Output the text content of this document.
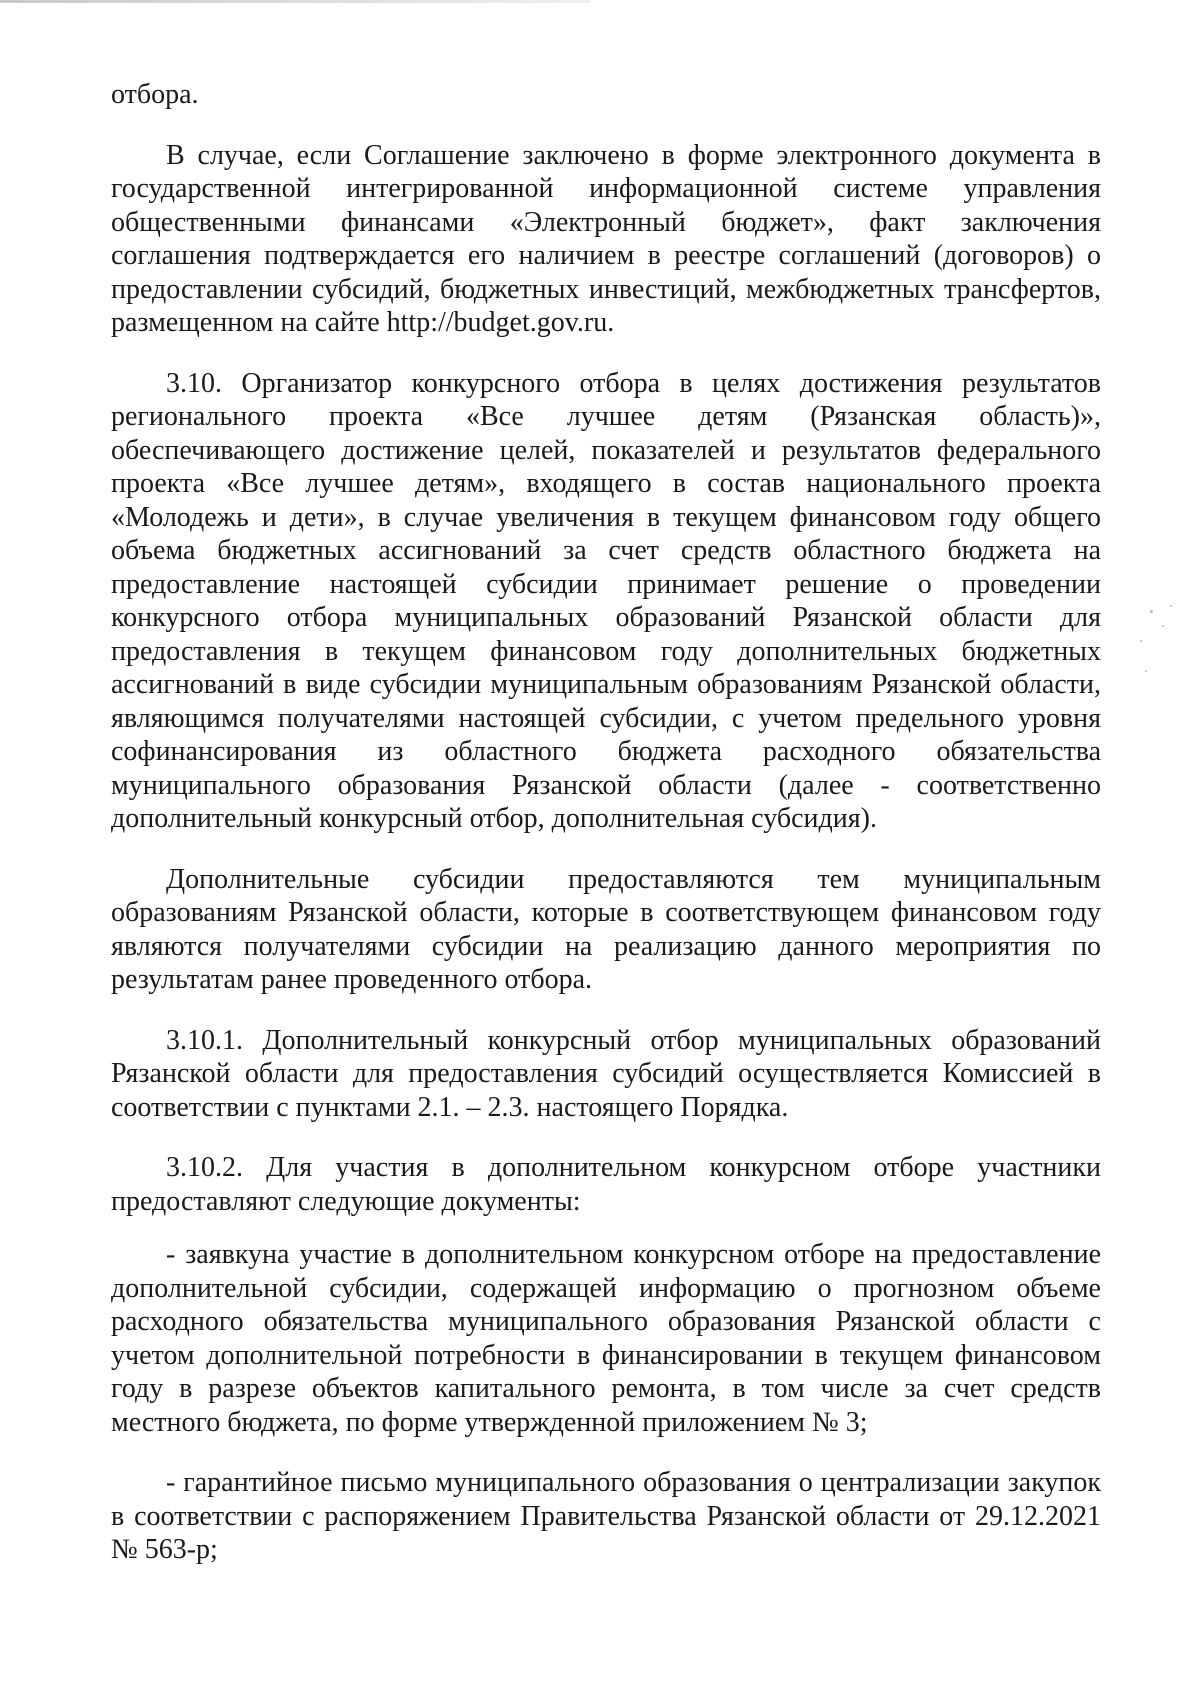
отбора.

В случае, если Соглашение заключено в форме электронного документа в государственной интегрированной информационной системе управления общественными финансами «Электронный бюджет», факт заключения соглашения подтверждается его наличием в реестре соглашений (договоров) о предоставлении субсидий, бюджетных инвестиций, межбюджетных трансфертов, размещенном на сайте http://budget.gov.ru.

3.10. Организатор конкурсного отбора в целях достижения результатов регионального проекта «Все лучшее детям (Рязанская область)», обеспечивающего достижение целей, показателей и результатов федерального проекта «Все лучшее детям», входящего в состав национального проекта «Молодежь и дети», в случае увеличения в текущем финансовом году общего объема бюджетных ассигнований за счет средств областного бюджета на предоставление настоящей субсидии принимает решение о проведении конкурсного отбора муниципальных образований Рязанской области для предоставления в текущем финансовом году дополнительных бюджетных ассигнований в виде субсидии муниципальным образованиям Рязанской области, являющимся получателями настоящей субсидии, с учетом предельного уровня софинансирования из областного бюджета расходного обязательства муниципального образования Рязанской области (далее - соответственно дополнительный конкурсный отбор, дополнительная субсидия).

Дополнительные субсидии предоставляются тем муниципальным образованиям Рязанской области, которые в соответствующем финансовом году являются получателями субсидии на реализацию данного мероприятия по результатам ранее проведенного отбора.

3.10.1. Дополнительный конкурсный отбор муниципальных образований Рязанской области для предоставления субсидий осуществляется Комиссией в соответствии с пунктами 2.1. – 2.3. настоящего Порядка.

3.10.2. Для участия в дополнительном конкурсном отборе участники предоставляют следующие документы:

- заявкуна участие в дополнительном конкурсном отборе на предоставление дополнительной субсидии, содержащей информацию о прогнозном объеме расходного обязательства муниципального образования Рязанской области с учетом дополнительной потребности в финансировании в текущем финансовом году в разрезе объектов капитального ремонта, в том числе за счет средств местного бюджета, по форме утвержденной приложением № 3;

- гарантийное письмо муниципального образования о централизации закупок в соответствии с распоряжением Правительства Рязанской области от 29.12.2021 № 563-р;
